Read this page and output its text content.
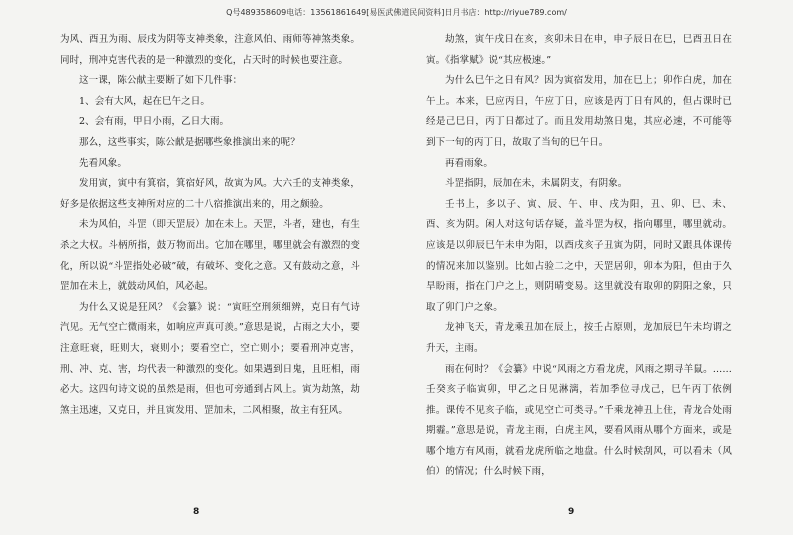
Q号489358609电话：13561861649[易医武佛道民间资料]日月书店：http://riyue789.com/

为风、酉丑为雨、辰戌为阴等支神类象，注意风伯、雨师等神煞类象。同时，刑冲克害代表的是一种激烈的变化，占天时的时候也要注意。

这一课，陈公献主要断了如下几件事：

1、会有大风，起在巳午之日。

2、会有雨，甲日小雨，乙日大雨。

那么，这些事实，陈公献是据哪些象推演出来的呢？

先看风象。

发用寅，寅中有箕宿，箕宿好风，故寅为风。大六壬的支神类象，好多是依据这些支神所对应的二十八宿推演出来的，用之颇验。

未为风伯，斗罡（即天罡辰）加在未上。天罡，斗者，建也，有生杀之大权。斗柄所指，鼓万物而出。它加在哪里，哪里就会有激烈的变化，所以说“斗罡指处必破”破，有破坏、变化之意。又有鼓动之意，斗罡加在未上，就鼓动风伯，风必起。

为什么又说是狂风？《会纂》说：“寅旺空刑须细辨，克日有气诗汽见。无气空亡微雨来，如响应声真可羡。”意思是说，占雨之大小，要注意旺衰，旺则大，衰则小；要看空亡，空亡则小；要看刑冲克害，刑、冲、克、害，均代表一种激烈的变化。如果遇到日鬼，且旺相，雨必大。这四句诗文说的虽然是雨，但也可旁通到占风上。寅为劫煞，劫煞主迅速，又克日，并且寅发用、罡加未，二风相聚，故主有狂风。

8

劫煞，寅午戌日在亥，亥卯未日在申，申子辰日在巳，巳酉丑日在寅。《指掌赋》说“其应极速。”

为什么巳午之日有风？因为寅宿发用，加在巳上；卯作白虎，加在午上。本来，巳应丙日，午应丁日，应该是丙丁日有风的，但占课时已经是己巳日，丙丁日都过了。而且发用劫煞日鬼，其应必速，不可能等到下一旬的丙丁日，故取了当旬的巳午日。

再看雨象。

斗罡指阴，辰加在未，未属阴支，有阴象。

壬书上，多以子、寅、辰、午、申、戌为阳，丑、卯、巳、未、酉、亥为阴。闲人对这句话存疑，盖斗罡为权，指向哪里，哪里就动。应该是以卯辰巳午未申为阳，以酉戌亥子丑寅为阴，同时又跟具体课传的情况来加以鉴别。比如占验二之中，天罡居卯，卯本为阳，但由于久旱盼雨，指在门户之上，则阴晴变易。这里就没有取卯的阴阳之象，只取了卯门户之象。

龙神飞天，青龙乘丑加在辰上，按壬占原则，龙加辰巳午未均谓之升天，主雨。

雨在何时？《会纂》中说“风雨之方看龙虎，风雨之期寻羊鼠。……壬癸亥子临寅卯，甲乙之日见淋漓，若加季位寻戊己，巳午丙丁依例推。课传不见亥子临，或见空亡可类寻。”千乘龙神丑上住，青龙合处雨期霾。”意思是说，青龙主雨，白虎主风，要看风雨从哪个方面来，或是哪个地方有风雨，就看龙虎所临之地盘。什么时候刮风，可以看未（风伯）的情况；什么时候下雨，

9
